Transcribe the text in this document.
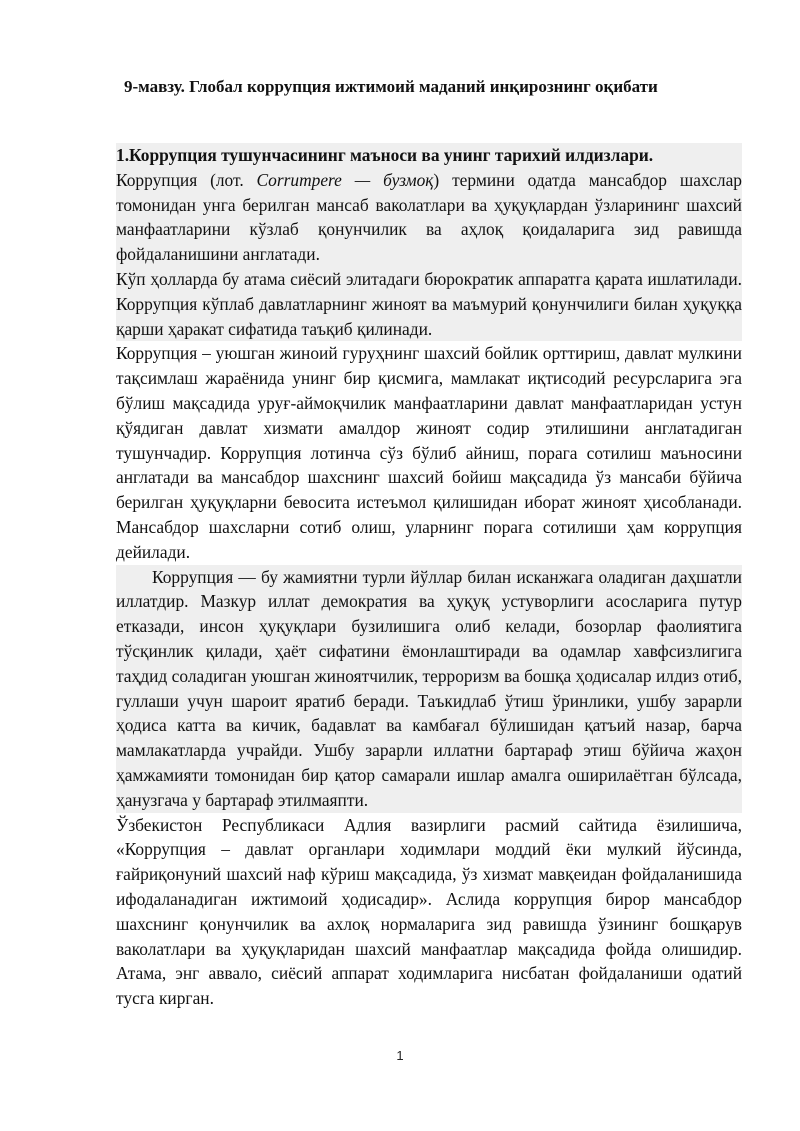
9-мавзу. Глобал коррупция ижтимоий маданий инқирознинг оқибати

1.Коррупция тушунчасининг маъноси ва унинг тарихий илдизлари.

Коррупция (лот. Corrumpere — бузмоқ) термини одатда мансабдор шахслар томонидан унга берилган мансаб ваколатлари ва ҳуқуқлардан ўзларининг шахсий манфаатларини кўзлаб қонунчилик ва аҳлоқ қоидаларига зид равишда фойдаланишини англатади.

Кўп ҳолларда бу атама сиёсий элитадаги бюрократик аппаратга қарата ишлатилади. Коррупция кўплаб давлатларнинг жиноят ва маъмурий қонунчилиги билан ҳуқуққа қарши ҳаракат сифатида таъқиб қилинади.

Коррупция – уюшган жиноий гуруҳнинг шахсий бойлик орттириш, давлат мулкини тақсимлаш жараёнида унинг бир қисмига, мамлакат иқтисодий ресурсларига эга бўлиш мақсадида уруғ-аймоқчилик манфаатларини давлат манфаатларидан устун қўядиган давлат хизмати амалдор жиноят содир этилишини англатадиган тушунчадир. Коррупция лотинча сўз бўлиб айниш, порага сотилиш маъносини англатади ва мансабдор шахснинг шахсий бойиш мақсадида ўз мансаби бўйича берилган ҳуқуқларни бевосита истеъмол қилишидан иборат жиноят ҳисобланади. Мансабдор шахсларни сотиб олиш, уларнинг порага сотилиши ҳам коррупция дейилади.

Коррупция — бу жамиятни турли йўллар билан исканжага оладиган даҳшатли иллатдир. Мазкур иллат демократия ва ҳуқуқ устуворлиги асосларига путур етказади, инсон ҳуқуқлари бузилишига олиб келади, бозорлар фаолиятига тўсқинлик қилади, ҳаёт сифатини ёмонлаштиради ва одамлар хавфсизлигига таҳдид соладиган уюшган жиноятчилик, терроризм ва бошқа ҳодисалар илдиз отиб, гуллаши учун шароит яратиб беради. Таъкидлаб ўтиш ўринлики, ушбу зарарли ҳодиса катта ва кичик, бадавлат ва камбағал бўлишидан қатъий назар, барча мамлакатларда учрайди. Ушбу зарарли иллатни бартараф этиш бўйича жаҳон ҳамжамияти томонидан бир қатор самарали ишлар амалга оширилаётган бўлсада, ҳанузгача у бартараф этилмаяпти.

Ўзбекистон Республикаси Адлия вазирлиги расмий сайтида ёзилишича, «Коррупция – давлат органлари ходимлари моддий ёки мулкий йўсинда, ғайриқонуний шахсий наф кўриш мақсадида, ўз хизмат мавқеидан фойдаланишида ифодаланадиган ижтимоий ҳодисадир». Аслида коррупция бирор мансабдор шахснинг қонунчилик ва ахлоқ нормаларига зид равишда ўзининг бошқарув ваколатлари ва ҳуқуқларидан шахсий манфаатлар мақсадида фойда олишидир. Атама, энг аввало, сиёсий аппарат ходимларига нисбатан фойдаланиши одатий тусга кирган.

1
